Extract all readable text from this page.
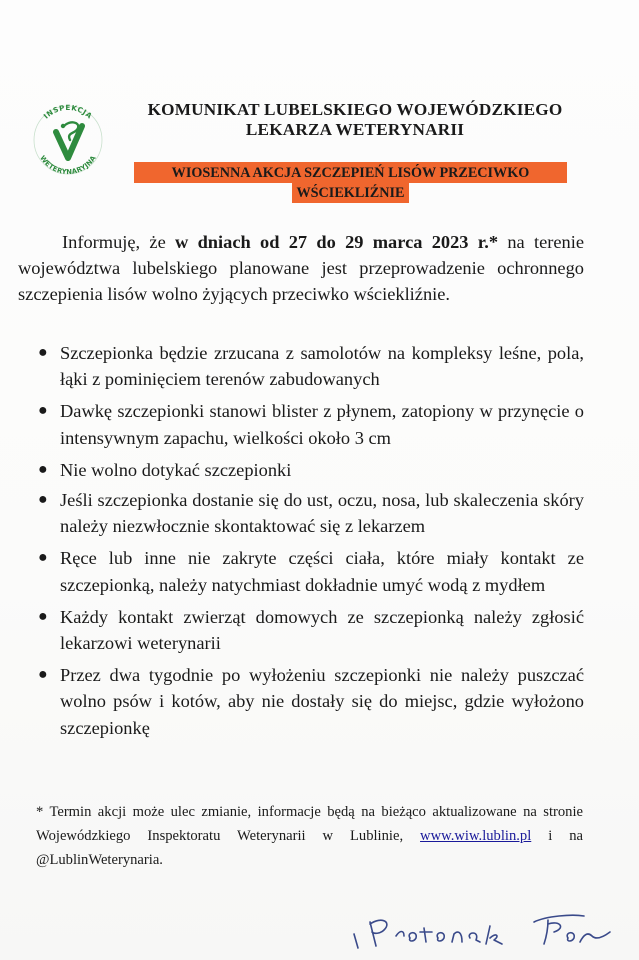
INSPEKCJA
WETERYNARYJNA
KOMUNIKAT LUBELSKIEGO WOJEWÓDZKIEGO
LEKARZA WETERYNARII
WIOSENNA AKCJA SZCZEPIEŃ LISÓW PRZECIWKO
WŚCIEKLIŹNIE
Informuję, że w dniach od 27 do 29 marca 2023 r.* na terenie województwa lubelskiego planowane jest przeprowadzenie ochronnego szczepienia lisów wolno żyjących przeciwko wściekliźnie.
● Szczepionka będzie zrzucana z samolotów na kompleksy leśne, pola, łąki z pominięciem terenów zabudowanych
● Dawkę szczepionki stanowi blister z płynem, zatopiony w przynęcie o intensywnym zapachu, wielkości około 3 cm
● Nie wolno dotykać szczepionki
● Jeśli szczepionka dostanie się do ust, oczu, nosa, lub skaleczenia skóry należy niezwłocznie skontaktować się z lekarzem
● Ręce lub inne nie zakryte części ciała, które miały kontakt ze szczepionką, należy natychmiast dokładnie umyć wodą z mydłem
● Każdy kontakt zwierząt domowych ze szczepionką należy zgłosić lekarzowi weterynarii
● Przez dwa tygodnie po wyłożeniu szczepionki nie należy puszczać wolno psów i kotów, aby nie dostały się do miejsc, gdzie wyłożono szczepionkę
* Termin akcji może ulec zmianie, informacje będą na bieżąco aktualizowane na stronie Wojewódzkiego Inspektoratu Weterynarii w Lublinie, www.wiw.lublin.pl i na @LublinWeterynaria.
